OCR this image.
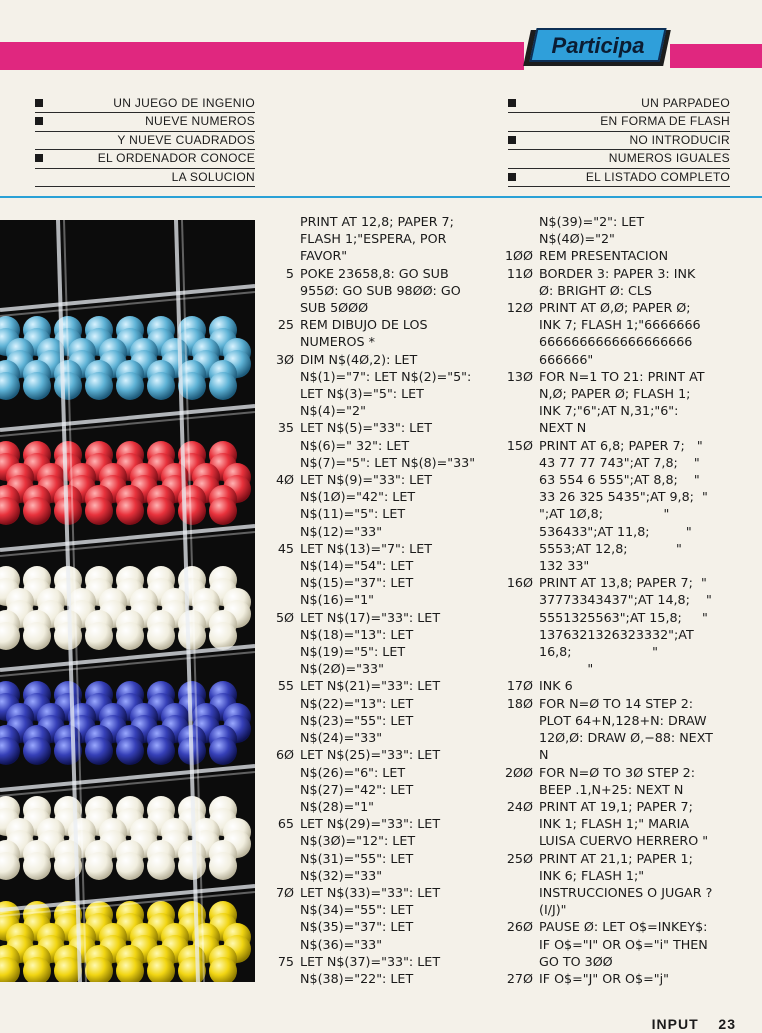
Participa
UN JUEGO DE INGENIO
NUEVE NUMEROS
Y NUEVE CUADRADOS
EL ORDENADOR CONOCE
LA SOLUCION
UN PARPADEO
EN FORMA DE FLASH
NO INTRODUCIR
NUMEROS IGUALES
EL LISTADO COMPLETO
PRINT AT 12,8; PAPER 7;
FLASH 1;"ESPERA, POR
FAVOR"
5 POKE 23658,8: GO SUB
955Ø: GO SUB 98ØØ: GO
SUB 5ØØØ
25 REM DIBUJO DE LOS
NUMEROS *
3Ø DIM N$(4Ø,2): LET
N$(1)="7": LET N$(2)="5":
LET N$(3)="5": LET
N$(4)="2"
35 LET N$(5)="33": LET
N$(6)=" 32": LET
N$(7)="5": LET N$(8)="33"
4Ø LET N$(9)="33": LET
N$(1Ø)="42": LET
N$(11)="5": LET
N$(12)="33"
45 LET N$(13)="7": LET
N$(14)="54": LET
N$(15)="37": LET
N$(16)="1"
5Ø LET N$(17)="33": LET
N$(18)="13": LET
N$(19)="5": LET
N$(2Ø)="33"
55 LET N$(21)="33": LET
N$(22)="13": LET
N$(23)="55": LET
N$(24)="33"
6Ø LET N$(25)="33": LET
N$(26)="6": LET
N$(27)="42": LET
N$(28)="1"
65 LET N$(29)="33": LET
N$(3Ø)="12": LET
N$(31)="55": LET
N$(32)="33"
7Ø LET N$(33)="33": LET
N$(34)="55": LET
N$(35)="37": LET
N$(36)="33"
75 LET N$(37)="33": LET
N$(38)="22": LET
N$(39)="2": LET
N$(4Ø)="2"
1ØØ REM PRESENTACION
11Ø BORDER 3: PAPER 3: INK
Ø: BRIGHT Ø: CLS
12Ø PRINT AT Ø,Ø; PAPER Ø;
INK 7; FLASH 1;"6666666
6666666666666666666
666666"
13Ø FOR N=1 TO 21: PRINT AT
N,Ø; PAPER Ø; FLASH 1;
INK 7;"6";AT N,31;"6":
NEXT N
15Ø PRINT AT 6,8; PAPER 7;   "
43 77 77 743";AT 7,8;    "
63 554 6 555";AT 8,8;    "
33 26 325 5435";AT 9,8;  "
";AT 1Ø,8;               "
536433";AT 11,8;         "
5553;AT 12,8;            "
132 33"
16Ø PRINT AT 13,8; PAPER 7;  "
37773343437";AT 14,8;    "
5551325563";AT 15,8;     "
1376321326323332";AT
16,8;                    "
"
17Ø INK 6
18Ø FOR N=Ø TO 14 STEP 2:
PLOT 64+N,128+N: DRAW
12Ø,Ø: DRAW Ø,−88: NEXT
N
2ØØ FOR N=Ø TO 3Ø STEP 2:
BEEP .1,N+25: NEXT N
24Ø PRINT AT 19,1; PAPER 7;
INK 1; FLASH 1;" MARIA
LUISA CUERVO HERRERO "
25Ø PRINT AT 21,1; PAPER 1;
INK 6; FLASH 1;"
INSTRUCCIONES O JUGAR ?
(I/J)"
26Ø PAUSE Ø: LET O$=INKEY$:
IF O$="I" OR O$="i" THEN
GO TO 3ØØ
27Ø IF O$="J" OR O$="j"
INPUT 23
